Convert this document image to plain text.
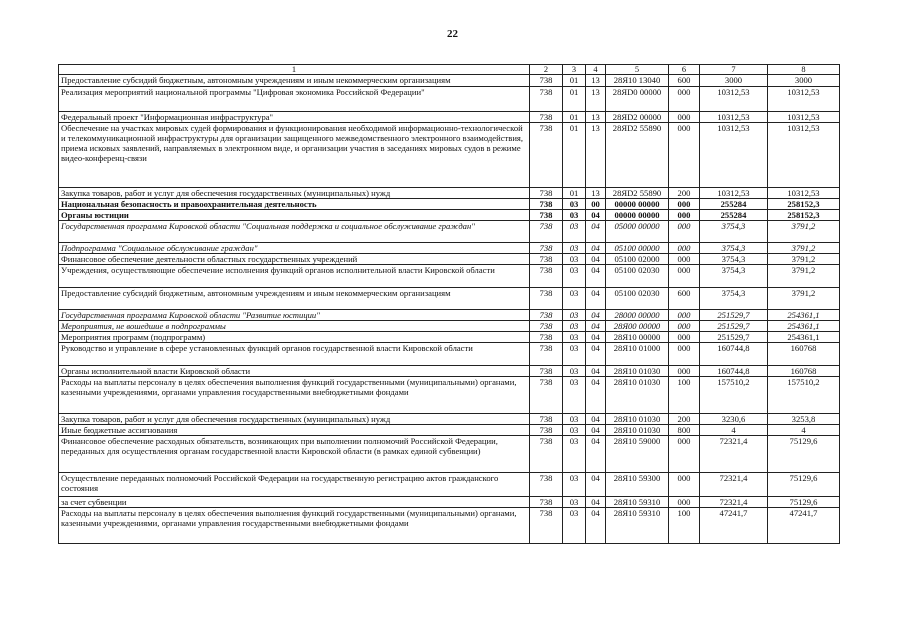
22
1	2	3	4	5	6	7	8
Предоставление субсидий бюджетным, автономным учреждениям и иным некоммерческим организациям	738	01	13	28Я10 13040	600	3000	3000
Реализация мероприятий национальной программы "Цифровая экономика Российской Федерации"	738	01	13	28ЯD0 00000	000	10312,53	10312,53
Федеральный проект "Информационная инфраструктура"	738	01	13	28ЯD2 00000	000	10312,53	10312,53
Обеспечение на участках мировых судей формирования и функционирования необходимой информационно-технологической и телекоммуникационной инфраструктуры для организации защищенного межведомственного электронного взаимодействия, приема исковых заявлений, направляемых в электронном виде, и организации участия в заседаниях мировых судов в режиме видео-конференц-связи	738	01	13	28ЯD2 55890	000	10312,53	10312,53
Закупка товаров, работ и услуг для обеспечения государственных (муниципальных) нужд	738	01	13	28ЯD2 55890	200	10312,53	10312,53
Национальная безопасность и правоохранительная деятельность	738	03	00	00000 00000	000	255284	258152,3
Органы юстиции	738	03	04	00000 00000	000	255284	258152,3
Государственная программа Кировской области "Социальная поддержка и социальное обслуживание граждан"	738	03	04	05000 00000	000	3754,3	3791,2
Подпрограмма "Социальное обслуживание граждан"	738	03	04	05100 00000	000	3754,3	3791,2
Финансовое обеспечение деятельности областных государственных учреждений	738	03	04	05100 02000	000	3754,3	3791,2
Учреждения, осуществляющие обеспечение исполнения функций органов исполнительной власти Кировской области	738	03	04	05100 02030	000	3754,3	3791,2
Предоставление субсидий бюджетным, автономным учреждениям и иным некоммерческим организациям	738	03	04	05100 02030	600	3754,3	3791,2
Государственная программа Кировской области "Развитие юстиции"	738	03	04	28000 00000	000	251529,7	254361,1
Мероприятия, не вошедшие в подпрограммы	738	03	04	28Я00 00000	000	251529,7	254361,1
Мероприятия программ (подпрограмм)	738	03	04	28Я10 00000	000	251529,7	254361,1
Руководство и управление в сфере установленных функций органов государственной власти Кировской области	738	03	04	28Я10 01000	000	160744,8	160768
Органы исполнительной власти Кировской области	738	03	04	28Я10 01030	000	160744,8	160768
Расходы на выплаты персоналу в целях обеспечения выполнения функций государственными (муниципальными) органами, казенными учреждениями, органами управления государственными внебюджетными фондами	738	03	04	28Я10 01030	100	157510,2	157510,2
Закупка товаров, работ и услуг для обеспечения государственных (муниципальных) нужд	738	03	04	28Я10 01030	200	3230,6	3253,8
Иные бюджетные ассигнования	738	03	04	28Я10 01030	800	4	4
Финансовое обеспечение расходных обязательств, возникающих при выполнении полномочий Российской Федерации, переданных для осуществления органам государственной власти Кировской области (в рамках единой субвенции)	738	03	04	28Я10 59000	000	72321,4	75129,6
Осуществление переданных полномочий Российской Федерации на государственную регистрацию актов гражданского состояния	738	03	04	28Я10 59300	000	72321,4	75129,6
за счет субвенции	738	03	04	28Я10 59310	000	72321,4	75129,6
Расходы на выплаты персоналу в целях обеспечения выполнения функций государственными (муниципальными) органами, казенными учреждениями, органами управления государственными внебюджетными фондами	738	03	04	28Я10 59310	100	47241,7	47241,7
